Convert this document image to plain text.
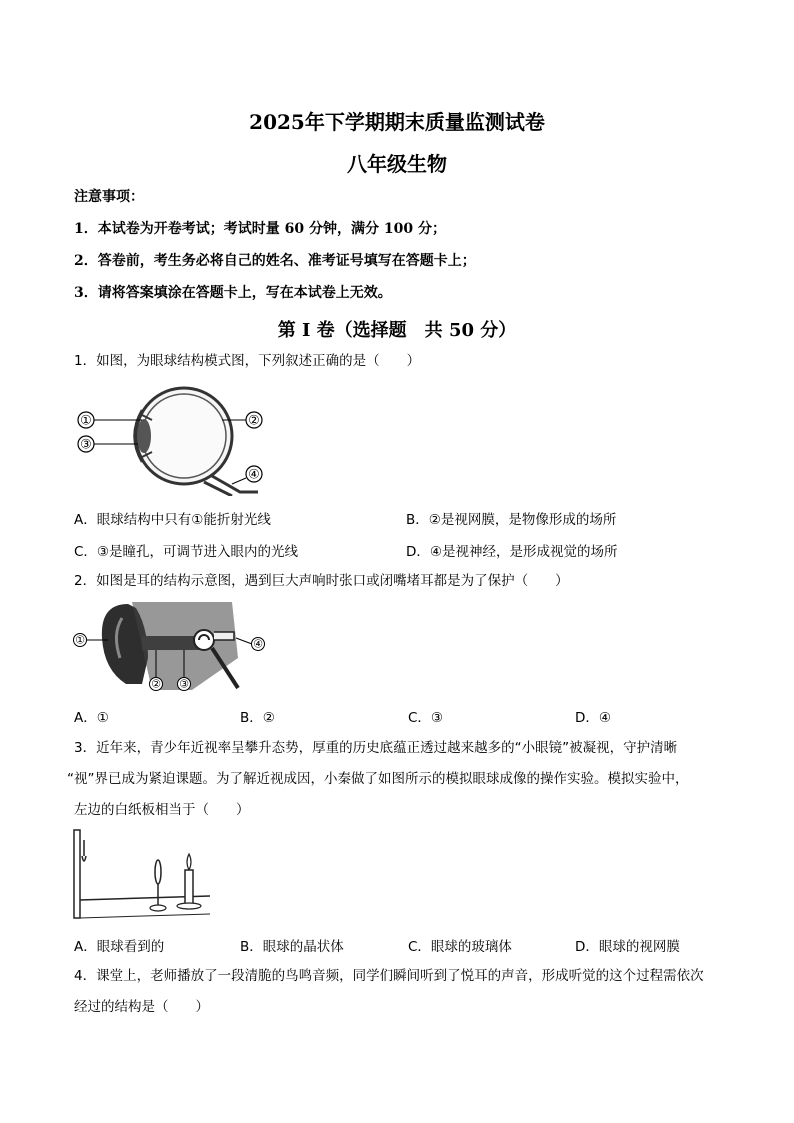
2025年下学期期末质量监测试卷
八年级生物
注意事项：
1．本试卷为开卷考试；考试时量 60 分钟，满分 100 分；
2．答卷前，考生务必将自己的姓名、准考证号填写在答题卡上；
3．请将答案填涂在答题卡上，写在本试卷上无效。
第 I 卷（选择题　共 50 分）
1．如图，为眼球结构模式图，下列叙述正确的是（　　）
①
③
②
④
A．眼球结构中只有①能折射光线	B．②是视网膜，是物像形成的场所
C．③是瞳孔，可调节进入眼内的光线	D．④是视神经，是形成视觉的场所
2．如图是耳的结构示意图，遇到巨大声响时张口或闭嘴堵耳都是为了保护（　　）
①
② ③
④
A．①	B．②	C．③	D．④
3．近年来，青少年近视率呈攀升态势，厚重的历史底蕴正透过越来越多的“小眼镜”被凝视，守护清晰
“视”界已成为紧迫课题。为了解近视成因，小秦做了如图所示的模拟眼球成像的操作实验。模拟实验中，
左边的白纸板相当于（　　）
A．眼球看到的	B．眼球的晶状体	C．眼球的玻璃体	D．眼球的视网膜
4．课堂上，老师播放了一段清脆的鸟鸣音频，同学们瞬间听到了悦耳的声音，形成听觉的这个过程需依次
经过的结构是（　　）
